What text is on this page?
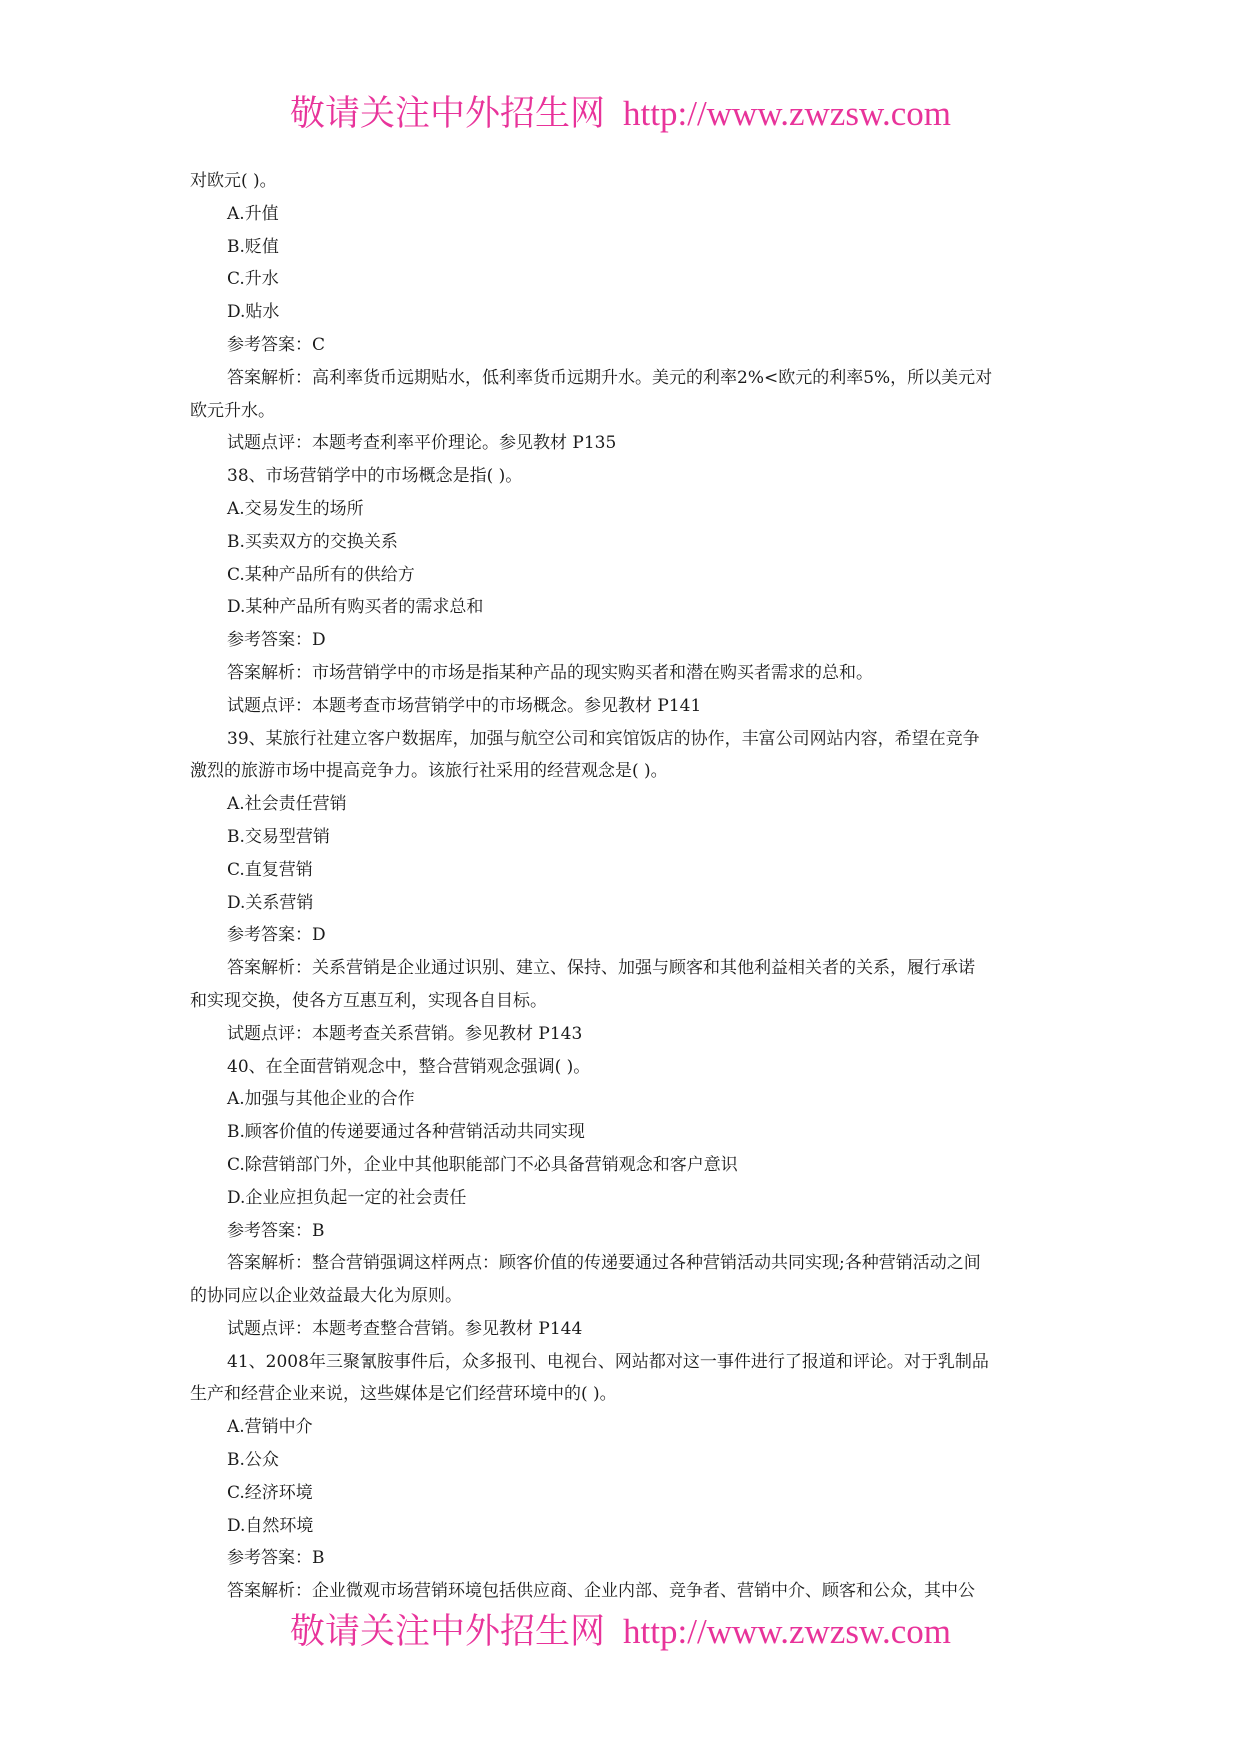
敬请关注中外招生网 http://www.zwzsw.com
对欧元( )。
A.升值
B.贬值
C.升水
D.贴水
参考答案：C
答案解析：高利率货币远期贴水，低利率货币远期升水。美元的利率2%<欧元的利率5%，所以美元对
欧元升水。
试题点评：本题考查利率平价理论。参见教材 P135
38、市场营销学中的市场概念是指( )。
A.交易发生的场所
B.买卖双方的交换关系
C.某种产品所有的供给方
D.某种产品所有购买者的需求总和
参考答案：D
答案解析：市场营销学中的市场是指某种产品的现实购买者和潜在购买者需求的总和。
试题点评：本题考查市场营销学中的市场概念。参见教材 P141
39、某旅行社建立客户数据库，加强与航空公司和宾馆饭店的协作，丰富公司网站内容，希望在竞争
激烈的旅游市场中提高竞争力。该旅行社采用的经营观念是( )。
A.社会责任营销
B.交易型营销
C.直复营销
D.关系营销
参考答案：D
答案解析：关系营销是企业通过识别、建立、保持、加强与顾客和其他利益相关者的关系，履行承诺
和实现交换，使各方互惠互利，实现各自目标。
试题点评：本题考查关系营销。参见教材 P143
40、在全面营销观念中，整合营销观念强调( )。
A.加强与其他企业的合作
B.顾客价值的传递要通过各种营销活动共同实现
C.除营销部门外，企业中其他职能部门不必具备营销观念和客户意识
D.企业应担负起一定的社会责任
参考答案：B
答案解析：整合营销强调这样两点：顾客价值的传递要通过各种营销活动共同实现;各种营销活动之间
的协同应以企业效益最大化为原则。
试题点评：本题考查整合营销。参见教材 P144
41、2008年三聚氰胺事件后，众多报刊、电视台、网站都对这一事件进行了报道和评论。对于乳制品
生产和经营企业来说，这些媒体是它们经营环境中的( )。
A.营销中介
B.公众
C.经济环境
D.自然环境
参考答案：B
答案解析：企业微观市场营销环境包括供应商、企业内部、竞争者、营销中介、顾客和公众，其中公
敬请关注中外招生网 http://www.zwzsw.com
